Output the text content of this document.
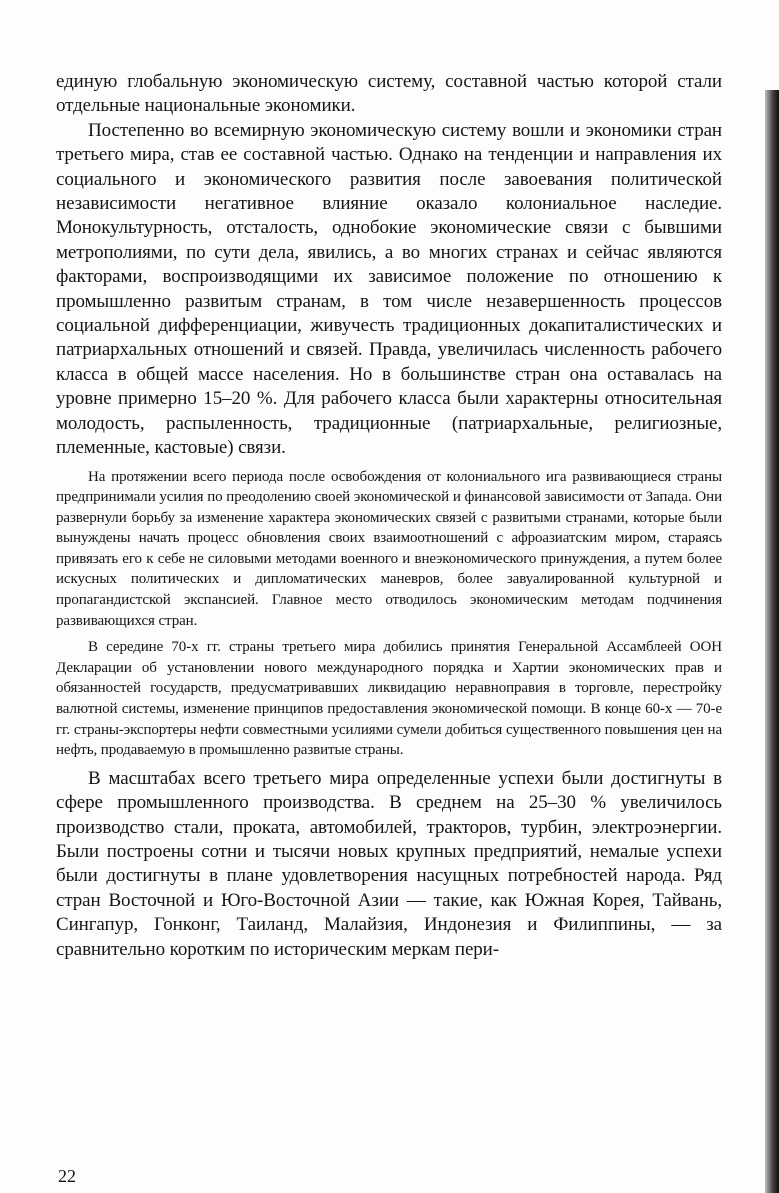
единую глобальную экономическую систему, составной частью которой стали отдельные национальные экономики.

Постепенно во всемирную экономическую систему вошли и экономики стран третьего мира, став ее составной частью. Однако на тенденции и направления их социального и экономического развития после завоевания политической независимости негативное влияние оказало колониальное наследие. Монокультурность, отсталость, однобокие экономические связи с бывшими метрополиями, по сути дела, явились, а во многих странах и сейчас являются факторами, воспроизводящими их зависимое положение по отношению к промышленно развитым странам, в том числе незавершенность процессов социальной дифференциации, живучесть традиционных докапиталистических и патриархальных отношений и связей. Правда, увеличилась численность рабочего класса в общей массе населения. Но в большинстве стран она оставалась на уровне примерно 15–20 %. Для рабочего класса были характерны относительная молодость, распыленность, традиционные (патриархальные, религиозные, племенные, кастовые) связи.

На протяжении всего периода после освобождения от колониального ига развивающиеся страны предпринимали усилия по преодолению своей экономической и финансовой зависимости от Запада. Они развернули борьбу за изменение характера экономических связей с развитыми странами, которые были вынуждены начать процесс обновления своих взаимоотношений с афроазиатским миром, стараясь привязать его к себе не силовыми методами военного и внеэкономического принуждения, а путем более искусных политических и дипломатических маневров, более завуалированной культурной и пропагандистской экспансией. Главное место отводилось экономическим методам подчинения развивающихся стран.

В середине 70-х гг. страны третьего мира добились принятия Генеральной Ассамблеей ООН Декларации об установлении нового международного порядка и Хартии экономических прав и обязанностей государств, предусматривавших ликвидацию неравноправия в торговле, перестройку валютной системы, изменение принципов предоставления экономической помощи. В конце 60-х — 70-е гг. страны-экспортеры нефти совместными усилиями сумели добиться существенного повышения цен на нефть, продаваемую в промышленно развитые страны.

В масштабах всего третьего мира определенные успехи были достигнуты в сфере промышленного производства. В среднем на 25–30 % увеличилось производство стали, проката, автомобилей, тракторов, турбин, электроэнергии. Были построены сотни и тысячи новых крупных предприятий, немалые успехи были достигнуты в плане удовлетворения насущных потребностей народа. Ряд стран Восточной и Юго-Восточной Азии — такие, как Южная Корея, Тайвань, Сингапур, Гонконг, Таиланд, Малайзия, Индонезия и Филиппины, — за сравнительно коротким по историческим меркам пери-

22
